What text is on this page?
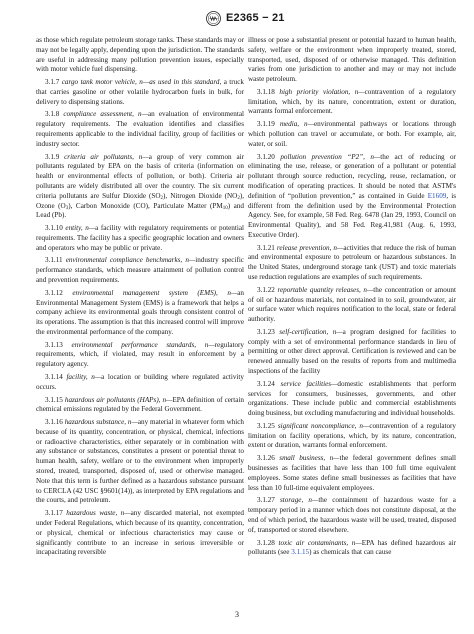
E2365 − 21

as those which regulate petroleum storage tanks. These standards may or may not be legally apply, depending upon the jurisdiction. The standards are useful in addressing many pollution prevention issues, especially with motor vehicle fuel dispensing.

3.1.7 cargo tank motor vehicle, n—as used in this standard, a truck that carries gasoline or other volatile hydrocarbon fuels in bulk, for delivery to dispensing stations.

3.1.8 compliance assessment, n—an evaluation of environmental regulatory requirements. The evaluation identifies and classifies requirements applicable to the individual facility, group of facilities or industry sector.

3.1.9 criteria air pollutants, n—a group of very common air pollutants regulated by EPA on the basis of criteria (information on health or environmental effects of pollution, or both). Criteria air pollutants are widely distributed all over the country. The six current criteria pollutants are Sulfur Dioxide $(SO_2)$, Nitrogen Dioxide $(NO_2)$, Ozone $(O_3)$, Carbon Monoxide (CO), Particulate Matter $(PM_{10})$ and Lead (Pb).

3.1.10 entity, n—a facility with regulatory requirements or potential requirements. The facility has a specific geographic location and owners and operators who may be public or private.

3.1.11 environmental compliance benchmarks, n—industry specific performance standards, which measure attainment of pollution control and prevention requirements.

3.1.12 environmental management system (EMS), n—an Environmental Management System (EMS) is a framework that helps a company achieve its environmental goals through consistent control of its operations. The assumption is that this increased control will improve the environmental performance of the company.

3.1.13 environmental performance standards, n—regulatory requirements, which, if violated, may result in enforcement by a regulatory agency.

3.1.14 facility, n—a location or building where regulated activity occurs.

3.1.15 hazardous air pollutants (HAPs), n—EPA definition of certain chemical emissions regulated by the Federal Government.

3.1.16 hazardous substance, n—any material in whatever form which because of its quantity, concentration, or physical, chemical, infections or radioactive characteristics, either separately or in combination with any substance or substances, constitutes a present or potential threat to human health, safety, welfare or to the environment when improperly stored, treated, transported, disposed of, used or otherwise managed. Note that this term is further defined as a hazardous substance pursuant to CERCLA (42 USC §9601(14)), as interpreted by EPA regulations and the courts, and petroleum.

3.1.17 hazardous waste, n—any discarded material, not exempted under Federal Regulations, which because of its quantity, concentration, or physical, chemical or infectious characteristics may cause or significantly contribute to an increase in serious irreversible or incapacitating reversible

illness or pose a substantial present or potential hazard to human health, safety, welfare or the environment when improperly treated, stored, transported, used, disposed of or otherwise managed. This definition varies from one jurisdiction to another and may or may not include waste petroleum.

3.1.18 high priority violation, n—contravention of a regulatory limitation, which, by its nature, concentration, extent or duration, warrants formal enforcement.

3.1.19 media, n—environmental pathways or locations through which pollution can travel or accumulate, or both. For example, air, water, or soil.

3.1.20 pollution prevention “P2”, n—the act of reducing or eliminating the use, release, or generation of a pollutant or potential pollutant through source reduction, recycling, reuse, reclamation, or modification of operating practices. It should be noted that ASTM's definition of “pollution prevention,” as contained in Guide E1609, is different from the definition used by the Environmental Protection Agency. See, for example, 58 Fed. Reg. 6478 (Jan 29, 1993, Council on Environmental Quality), and 58 Fed. Reg.41,981 (Aug. 6, 1993, Executive Order).

3.1.21 release prevention, n—activities that reduce the risk of human and environmental exposure to petroleum or hazardous substances. In the United States, underground storage tank (UST) and toxic materials use reduction regulations are examples of such requirements.

3.1.22 reportable quantity releases, n—the concentration or amount of oil or hazardous materials, not contained in to soil, groundwater, air or surface water which requires notification to the local, state or federal authority.

3.1.23 self-certification, n—a program designed for facilities to comply with a set of environmental performance standards in lieu of permitting or other direct approval. Certification is reviewed and can be renewed annually based on the results of reports from and multimedia inspections of the facility

3.1.24 service facilities—domestic establishments that perform services for consumers, businesses, governments, and other organizations. These include public and commercial establishments doing business, but excluding manufacturing and individual households.

3.1.25 significant noncompliance, n—contravention of a regulatory limitation on facility operations, which, by its nature, concentration, extent or duration, warrants formal enforcement.

3.1.26 small business, n—the federal government defines small businesses as facilities that have less than 100 full time equivalent employees. Some states define small businesses as facilities that have less than 10 full-time equivalent employees.

3.1.27 storage, n—the containment of hazardous waste for a temporary period in a manner which does not constitute disposal, at the end of which period, the hazardous waste will be used, treated, disposed of, transported or stored elsewhere.

3.1.28 toxic air contaminants, n—EPA has defined hazardous air pollutants (see 3.1.15) as chemicals that can cause

3
